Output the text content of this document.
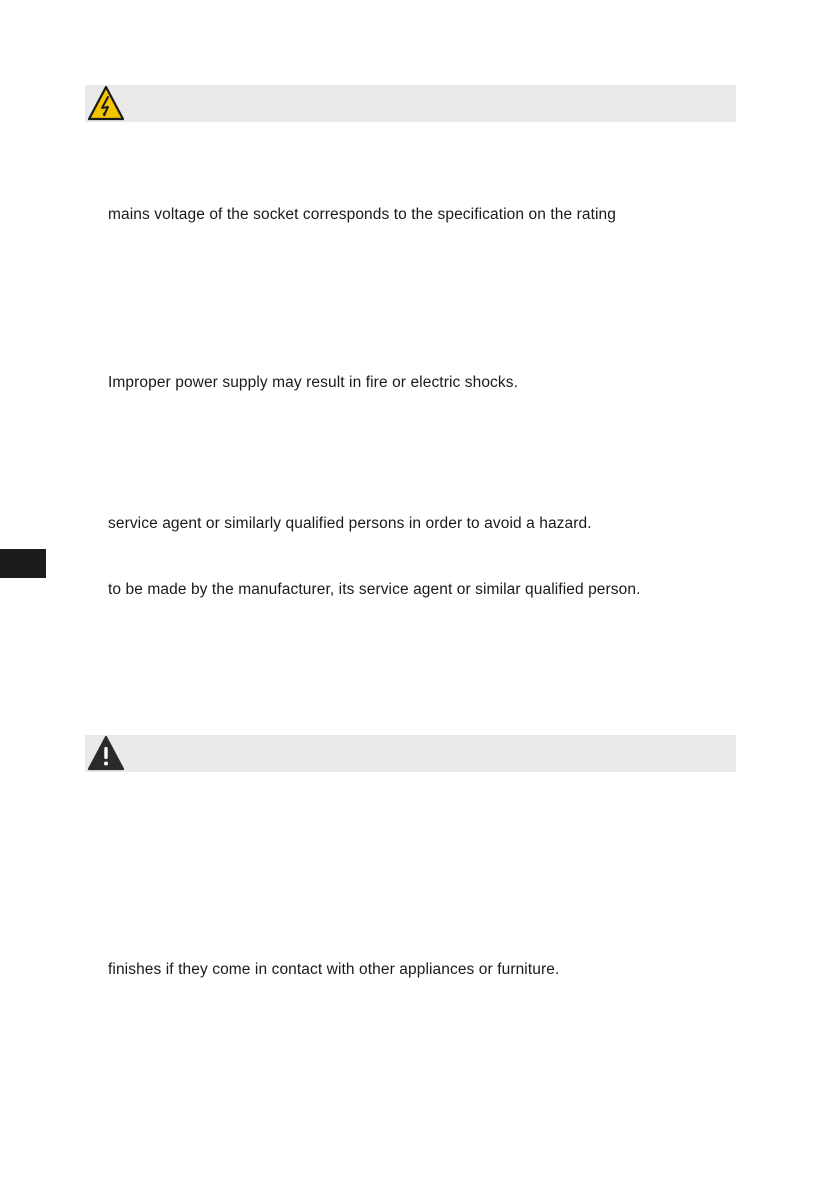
mains voltage of the socket corresponds to the specification on the rating

Improper power supply may result in fire or electric shocks.

service agent or similarly qualified persons in order to avoid a hazard.

to be made by the manufacturer, its service agent or similar qualified person.

finishes if they come in contact with other appliances or furniture.
